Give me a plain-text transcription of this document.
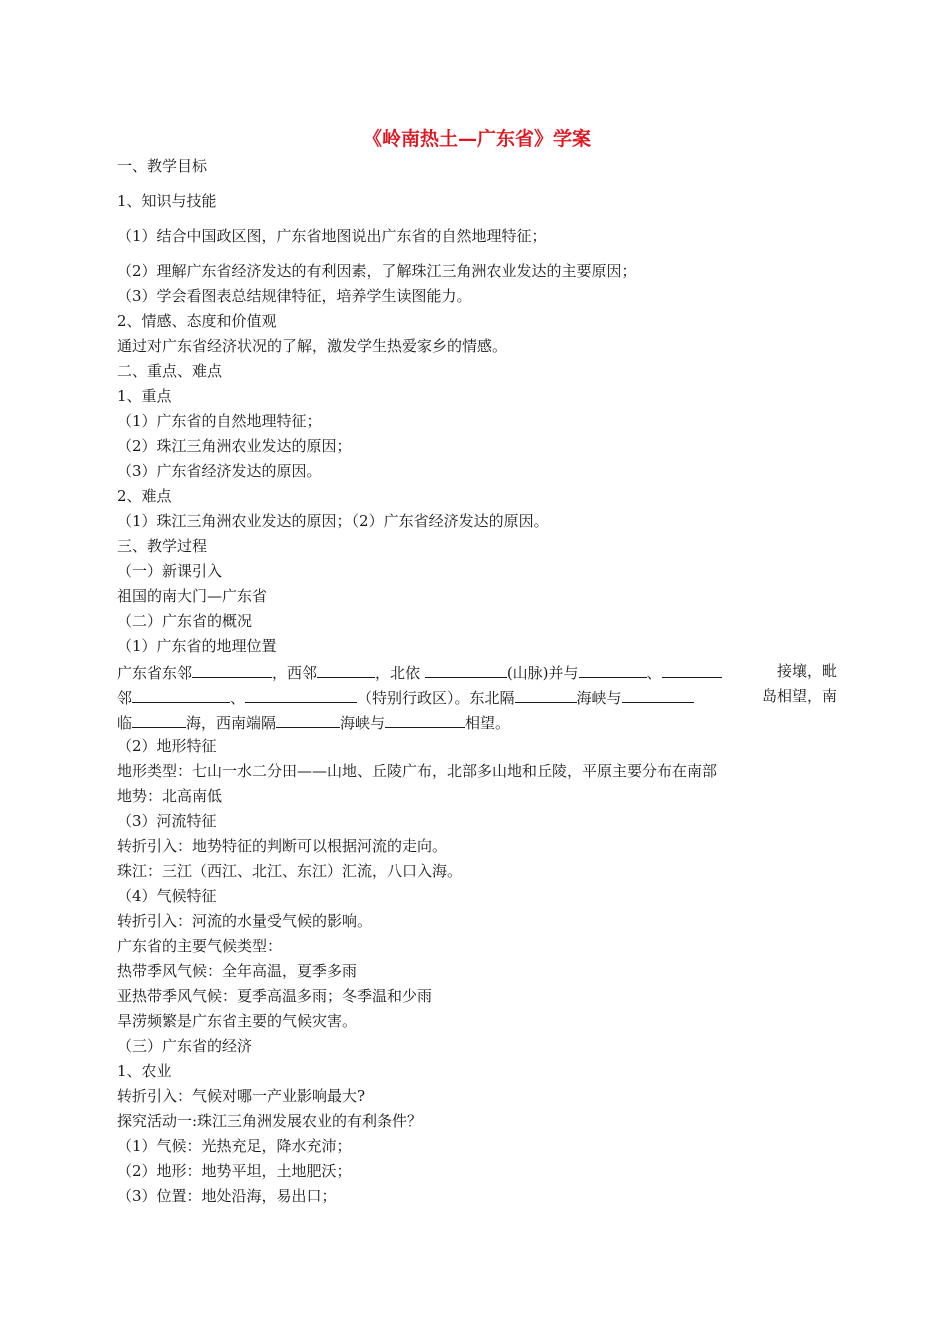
《岭南热土—广东省》学案
一、教学目标
1、知识与技能
（1）结合中国政区图，广东省地图说出广东省的自然地理特征；
（2）理解广东省经济发达的有利因素，了解珠江三角洲农业发达的主要原因；
（3）学会看图表总结规律特征，培养学生读图能力。
2、情感、态度和价值观
通过对广东省经济状况的了解，激发学生热爱家乡的情感。
二、重点、难点
1、重点
（1）广东省的自然地理特征；
（2）珠江三角洲农业发达的原因；
（3）广东省经济发达的原因。
2、难点
（1）珠江三角洲农业发达的原因；（2）广东省经济发达的原因。
三、教学过程
（一）新课引入
祖国的南大门—广东省
（二）广东省的概况
（1）广东省的地理位置
广东省东邻	，西邻	，北依	(山脉)并与	、	接壤，毗
邻	、	（特别行政区）。东北隔	海峡与	岛相望，南
临	海，西南端隔	海峡与	相望。
（2）地形特征
地形类型：七山一水二分田——山地、丘陵广布，北部多山地和丘陵，平原主要分布在南部
地势：北高南低
（3）河流特征
转折引入：地势特征的判断可以根据河流的走向。
珠江：三江（西江、北江、东江）汇流，八口入海。
（4）气候特征
转折引入：河流的水量受气候的影响。
广东省的主要气候类型：
热带季风气候：全年高温，夏季多雨
亚热带季风气候：夏季高温多雨；冬季温和少雨
旱涝频繁是广东省主要的气候灾害。
（三）广东省的经济
1、农业
转折引入：气候对哪一产业影响最大?
探究活动一:珠江三角洲发展农业的有利条件？
（1）气候：光热充足，降水充沛；
（2）地形：地势平坦，土地肥沃；
（3）位置：地处沿海，易出口；
